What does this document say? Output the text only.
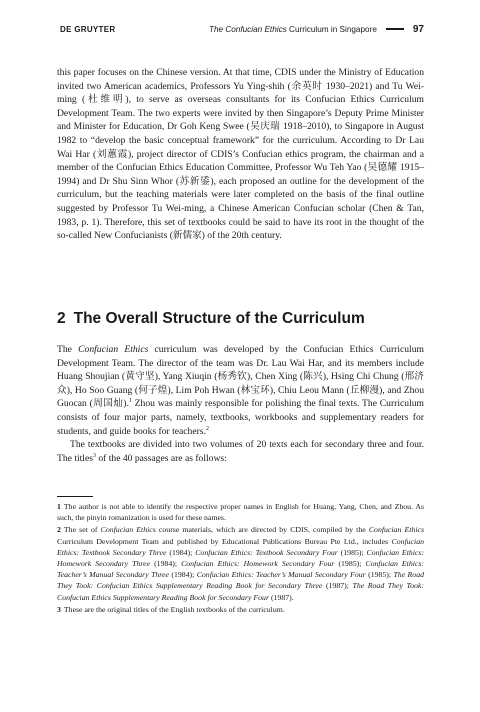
DE GRUYTER	The Confucian Ethics Curriculum in Singapore	97

this paper focuses on the Chinese version. At that time, CDIS under the Ministry of Education invited two American academics, Professors Yu Ying-shih (余英时 1930–2021) and Tu Wei-ming (杜维明), to serve as overseas consultants for its Confucian Ethics Curriculum Development Team. The two experts were invited by then Singapore’s Deputy Prime Minister and Minister for Education, Dr Goh Keng Swee (吴庆瑞 1918–2010), to Singapore in August 1982 to “develop the basic conceptual framework” for the curriculum. According to Dr Lau Wai Har (刘蕙霞), project director of CDIS’s Confucian ethics program, the chairman and a member of the Confucian Ethics Education Committee, Professor Wu Teh Yao (吴德耀 1915–1994) and Dr Shu Sinn Whor (苏新鋈), each proposed an outline for the development of the curriculum, but the teaching materials were later completed on the basis of the final outline suggested by Professor Tu Wei-ming, a Chinese American Confucian scholar (Chen & Tan, 1983, p. 1). Therefore, this set of textbooks could be said to have its root in the thought of the so-called New Confucianists (新儒家) of the 20th century.

2 The Overall Structure of the Curriculum

The Confucian Ethics curriculum was developed by the Confucian Ethics Curriculum Development Team. The director of the team was Dr. Lau Wai Har, and its members include Huang Shoujian (黄守坚), Yang Xiuqin (杨秀钦), Chen Xing (陈兴), Hsing Chi Chung (邢济众), Ho Soo Guang (何子煌), Lim Poh Hwan (林宝环), Chiu Leou Mann (丘柳漫), and Zhou Guocan (周国灿).$^1$ Zhou was mainly responsible for polishing the final texts. The Curriculum consists of four major parts, namely, textbooks, workbooks and supplementary readers for students, and guide books for teachers.$^2$

The textbooks are divided into two volumes of 20 texts each for secondary three and four. The titles$^3$ of the 40 passages are as follows:

1 The author is not able to identify the respective proper names in English for Huang, Yang, Chen, and Zhou. As such, the pinyin romanization is used for these names.

2 The set of Confucian Ethics course materials, which are directed by CDIS, compiled by the Confucian Ethics Curriculum Development Team and published by Educational Publications Bureau Pte Ltd., includes Confucian Ethics: Textbook Secondary Three (1984); Confucian Ethics: Textbook Secondary Four (1985); Confucian Ethics: Homework Secondary Three (1984); Confucian Ethics: Homework Secondary Four (1985); Confucian Ethics: Teacher’s Manual Secondary Three (1984); Confucian Ethics: Teacher’s Manual Secondary Four (1985); The Road They Took: Confucian Ethics Supplementary Reading Book for Secondary Three (1987); The Road They Took: Confucian Ethics Supplementary Reading Book for Secondary Four (1987).

3 These are the original titles of the English textbooks of the curriculum.
